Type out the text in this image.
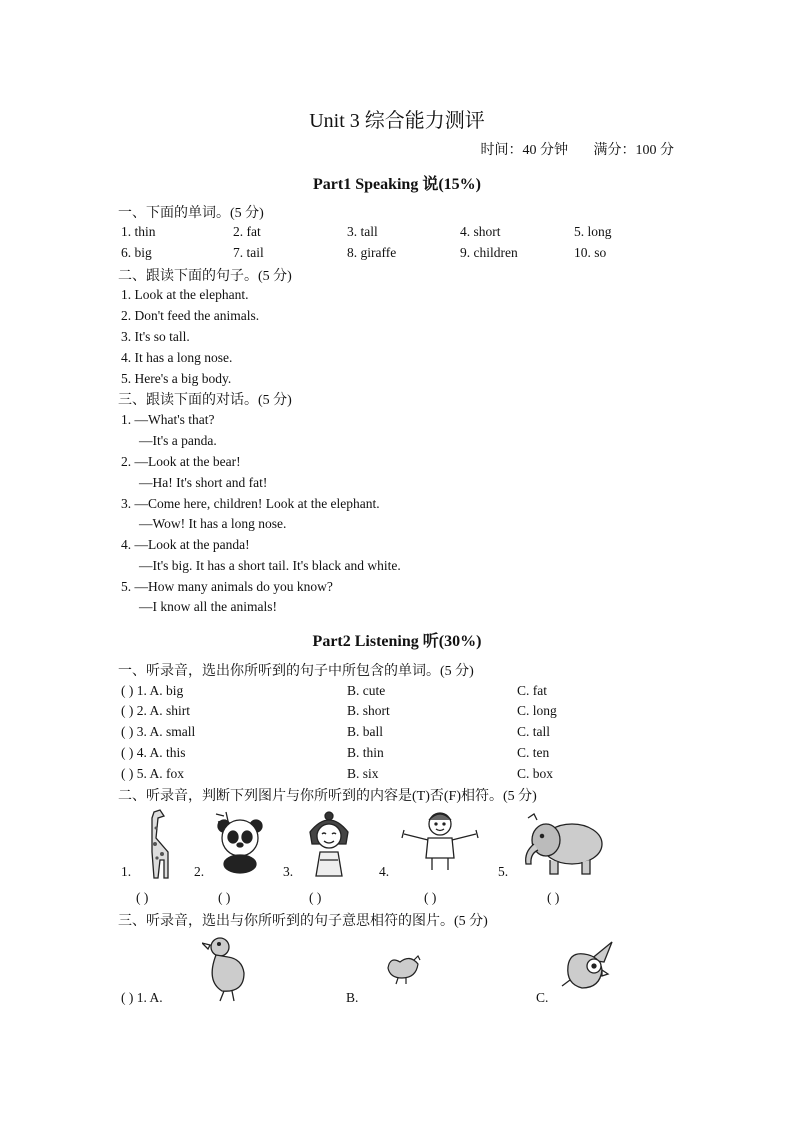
Unit 3 综合能力测评
时间：40 分钟 满分：100 分
Part1 Speaking 说(15%)
一、下面的单词。(5 分)
1. thin	2. fat	3. tall	4. short	5. long
6. big	7. tail	8. giraffe	9. children	10. so
二、跟读下面的句子。(5 分)
1. Look at the elephant.
2. Don't feed the animals.
3. It's so tall.
4. It has a long nose.
5. Here's a big body.
三、跟读下面的对话。(5 分)
1. —What's that?
—It's a panda.
2. —Look at the bear!
—Ha! It's short and fat!
3. —Come here, children! Look at the elephant.
—Wow! It has a long nose.
4. —Look at the panda!
—It's big. It has a short tail. It's black and white.
5. —How many animals do you know?
—I know all the animals!
Part2 Listening 听(30%)
一、听录音，选出你所听到的句子中所包含的单词。(5 分)
( ) 1. A. big	B. cute	C. fat
( ) 2. A. shirt	B. short	C. long
( ) 3. A. small	B. ball	C. tall
( ) 4. A. this	B. thin	C. ten
( ) 5. A. fox	B. six	C. box
二、听录音，判断下列图片与你所听到的内容是(T)否(F)相符。(5 分)
1.	2.	3.	4.	5.
( )	( )	( )	( )	( )
三、听录音，选出与你所听到的句子意思相符的图片。(5 分)
( ) 1. A.	B.	C.
